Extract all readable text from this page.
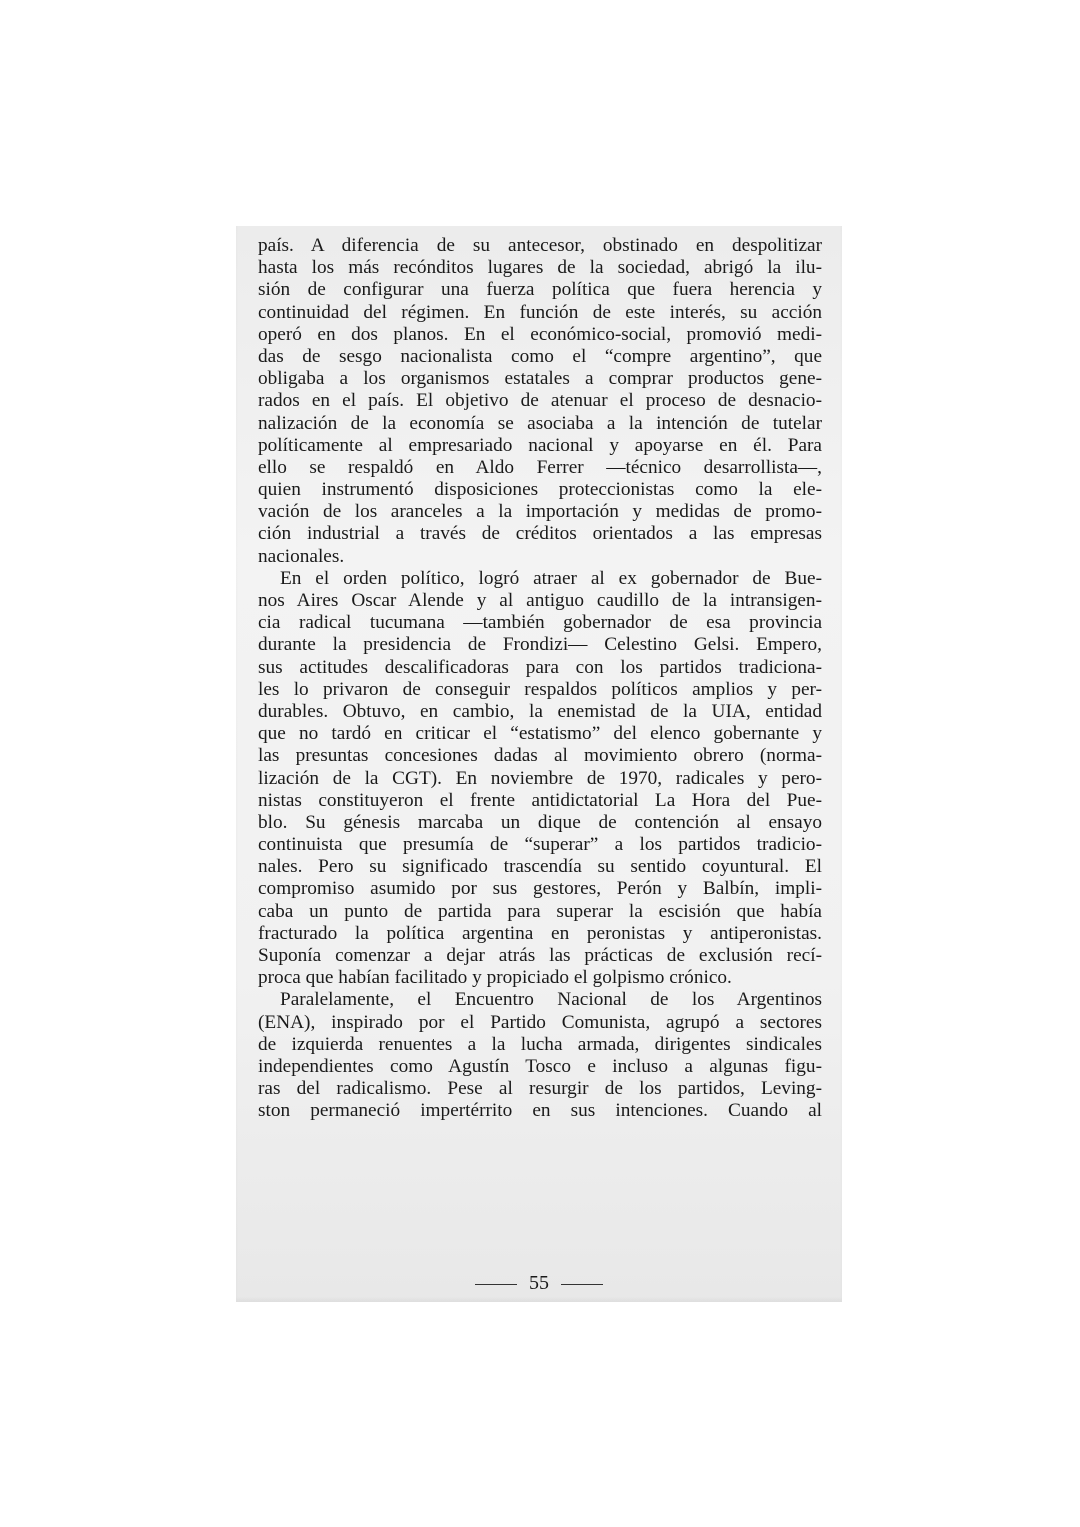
país. A diferencia de su antecesor, obstinado en despolitizar
hasta los más recónditos lugares de la sociedad, abrigó la ilu-
sión de configurar una fuerza política que fuera herencia y
continuidad del régimen. En función de este interés, su acción
operó en dos planos. En el económico-social, promovió medi-
das de sesgo nacionalista como el “compre argentino”, que
obligaba a los organismos estatales a comprar productos gene-
rados en el país. El objetivo de atenuar el proceso de desnacio-
nalización de la economía se asociaba a la intención de tutelar
políticamente al empresariado nacional y apoyarse en él. Para
ello se respaldó en Aldo Ferrer —técnico desarrollista—,
quien instrumentó disposiciones proteccionistas como la ele-
vación de los aranceles a la importación y medidas de promo-
ción industrial a través de créditos orientados a las empresas
nacionales.
En el orden político, logró atraer al ex gobernador de Bue-
nos Aires Oscar Alende y al antiguo caudillo de la intransigen-
cia radical tucumana —también gobernador de esa provincia
durante la presidencia de Frondizi— Celestino Gelsi. Empero,
sus actitudes descalificadoras para con los partidos tradiciona-
les lo privaron de conseguir respaldos políticos amplios y per-
durables. Obtuvo, en cambio, la enemistad de la UIA, entidad
que no tardó en criticar el “estatismo” del elenco gobernante y
las presuntas concesiones dadas al movimiento obrero (norma-
lización de la CGT). En noviembre de 1970, radicales y pero-
nistas constituyeron el frente antidictatorial La Hora del Pue-
blo. Su génesis marcaba un dique de contención al ensayo
continuista que presumía de “superar” a los partidos tradicio-
nales. Pero su significado trascendía su sentido coyuntural. El
compromiso asumido por sus gestores, Perón y Balbín, impli-
caba un punto de partida para superar la escisión que había
fracturado la política argentina en peronistas y antiperonistas.
Suponía comenzar a dejar atrás las prácticas de exclusión recí-
proca que habían facilitado y propiciado el golpismo crónico.
Paralelamente, el Encuentro Nacional de los Argentinos
(ENA), inspirado por el Partido Comunista, agrupó a sectores
de izquierda renuentes a la lucha armada, dirigentes sindicales
independientes como Agustín Tosco e incluso a algunas figu-
ras del radicalismo. Pese al resurgir de los partidos, Leving-
ston permaneció impertérrito en sus intenciones. Cuando al
55
